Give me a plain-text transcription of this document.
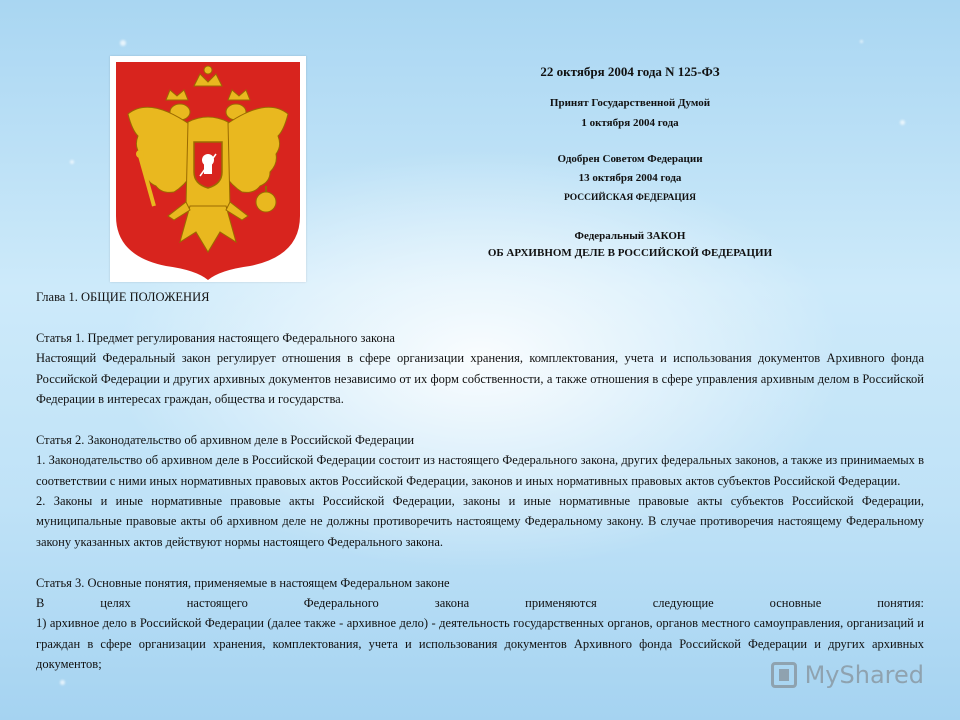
noname.com By Minda
22 октября 2004 года N 125-ФЗ
Принят Государственной Думой
1 октября 2004 года
Одобрен Советом Федерации
13 октября 2004 года
РОССИЙСКАЯ ФЕДЕРАЦИЯ
Федеральный ЗАКОН
ОБ АРХИВНОМ ДЕЛЕ В РОССИЙСКОЙ ФЕДЕРАЦИИ

Глава 1. ОБЩИЕ ПОЛОЖЕНИЯ

Статья 1. Предмет регулирования настоящего Федерального закона

Настоящий Федеральный закон регулирует отношения в сфере организации хранения, комплектования, учета и использования документов Архивного фонда Российской Федерации и других архивных документов независимо от их форм собственности, а также отношения в сфере управления архивным делом в Российской Федерации в интересах граждан, общества и государства.

Статья 2. Законодательство об архивном деле в Российской Федерации

1. Законодательство об архивном деле в Российской Федерации состоит из настоящего Федерального закона, других федеральных законов, а также из принимаемых в соответствии с ними иных нормативных правовых актов Российской Федерации, законов и иных нормативных правовых актов субъектов Российской Федерации.

2. Законы и иные нормативные правовые акты Российской Федерации, законы и иные нормативные правовые акты субъектов Российской Федерации, муниципальные правовые акты об архивном деле не должны противоречить настоящему Федеральному закону. В случае противоречия настоящему Федеральному закону указанных актов действуют нормы настоящего Федерального закона.

Статья 3. Основные понятия, применяемые в настоящем Федеральном законе

В	целях	настоящего	Федерального	закона	применяются	следующие	основные	понятия:

1) архивное дело в Российской Федерации (далее также - архивное дело) - деятельность государственных органов, органов местного самоуправления, организаций и граждан в сфере организации хранения, комплектования, учета и использования документов Архивного фонда Российской Федерации и других архивных документов;	MyShared
